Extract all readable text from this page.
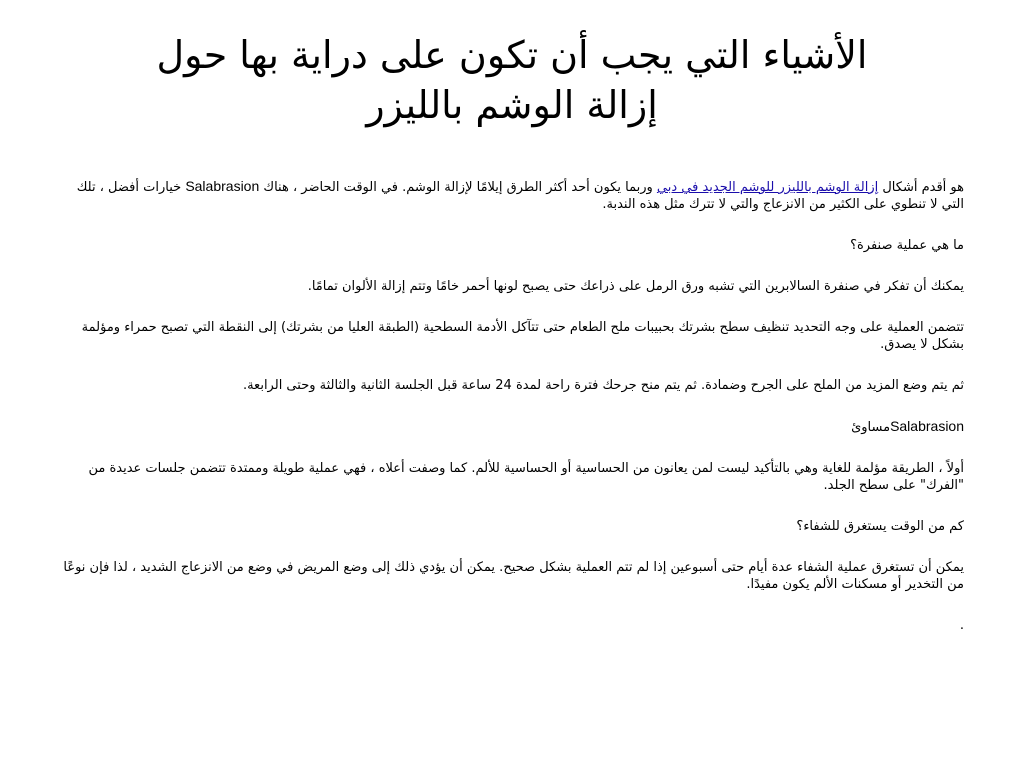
الأشياء التي يجب أن تكون على دراية بها حول
إزالة الوشم بالليزر

هو أقدم أشكال إزالة الوشم بالليزر للوشم الجديد في دبي وربما يكون أحد أكثر الطرق إيلامًا لإزالة الوشم. في الوقت الحاضر ، هناك Salabrasion خيارات أفضل ، تلك التي لا تنطوي على الكثير من الانزعاج والتي لا تترك مثل هذه الندبة.

ما هي عملية صنفرة؟

يمكنك أن تفكر في صنفرة السالابرين التي تشبه ورق الرمل على ذراعك حتى يصبح لونها أحمر خامًا وتتم إزالة الألوان تمامًا.

تتضمن العملية على وجه التحديد تنظيف سطح بشرتك بحبيبات ملح الطعام حتى تتآكل الأدمة السطحية (الطبقة العليا من بشرتك) إلى النقطة التي تصبح حمراء ومؤلمة بشكل لا يصدق.

ثم يتم وضع المزيد من الملح على الجرح وضمادة. ثم يتم منح جرحك فترة راحة لمدة 24 ساعة قبل الجلسة الثانية والثالثة وحتى الرابعة.

Salabrasionمساوئ

أولاً ، الطريقة مؤلمة للغاية وهي بالتأكيد ليست لمن يعانون من الحساسية أو الحساسية للألم. كما وصفت أعلاه ، فهي عملية طويلة وممتدة تتضمن جلسات عديدة من "الفرك" على سطح الجلد.

كم من الوقت يستغرق للشفاء؟

يمكن أن تستغرق عملية الشفاء عدة أيام حتى أسبوعين إذا لم تتم العملية بشكل صحيح. يمكن أن يؤدي ذلك إلى وضع المريض في وضع من الانزعاج الشديد ، لذا فإن نوعًا من التخدير أو مسكنات الألم يكون مفيدًا.

.
